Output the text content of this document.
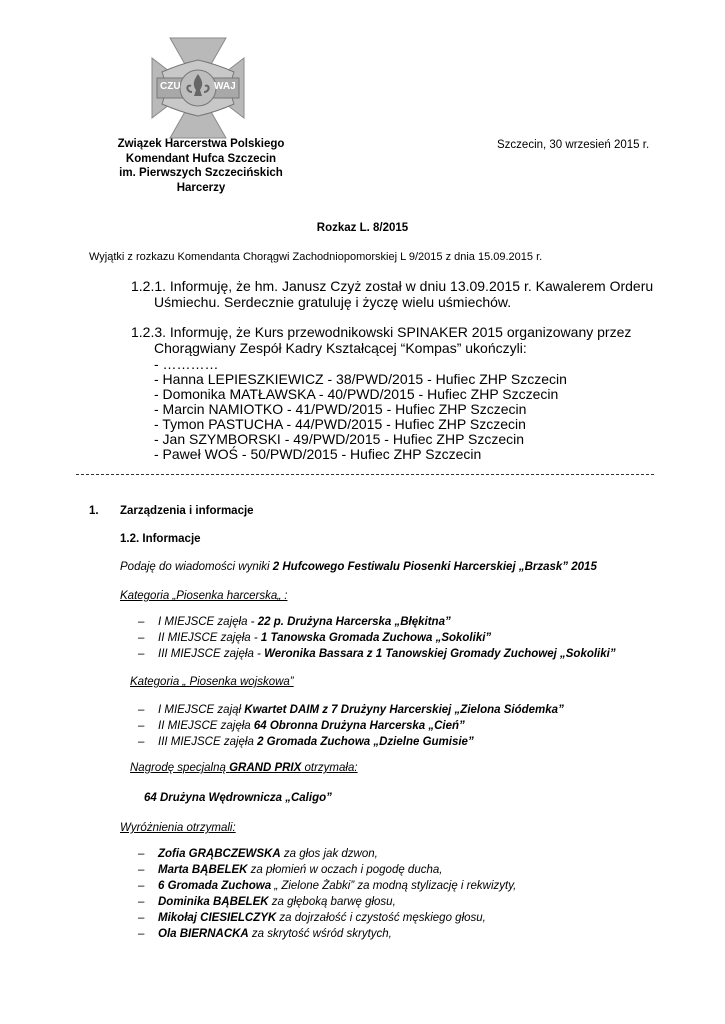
CZU	WAJ
Związek Harcerstwa Polskiego
Komendant Hufca Szczecin
im. Pierwszych Szczecińskich
Harcerzy
Szczecin, 30 wrzesień 2015 r.
Rozkaz L. 8/2015
Wyjątki z rozkazu Komendanta Chorągwi Zachodniopomorskiej L 9/2015 z dnia 15.09.2015 r.
1.2.1. Informuję, że hm. Janusz Czyż został w dniu 13.09.2015 r. Kawalerem Orderu
Uśmiechu. Serdecznie gratuluję i życzę wielu uśmiechów.
1.2.3. Informuję, że Kurs przewodnikowski SPINAKER 2015 organizowany przez
Chorągwiany Zespół Kadry Kształcącej “Kompas” ukończyli:
- …………
- Hanna LEPIESZKIEWICZ - 38/PWD/2015 - Hufiec ZHP Szczecin
- Domonika MATŁAWSKA - 40/PWD/2015 - Hufiec ZHP Szczecin
- Marcin NAMIOTKO - 41/PWD/2015 - Hufiec ZHP Szczecin
- Tymon PASTUCHA - 44/PWD/2015 - Hufiec ZHP Szczecin
- Jan SZYMBORSKI - 49/PWD/2015 - Hufiec ZHP Szczecin
- Paweł WOŚ - 50/PWD/2015 - Hufiec ZHP Szczecin
1. Zarządzenia i informacje
1.2. Informacje
Podaję do wiadomości wyniki 2 Hufcowego Festiwalu Piosenki Harcerskiej „Brzask” 2015
Kategoria „Piosenka harcerska„ :
– I MIEJSCE zajęła - 22 p. Drużyna Harcerska „Błękitna”
– II MIEJSCE zajęła - 1 Tanowska Gromada Zuchowa „Sokoliki”
– III MIEJSCE zajęła - Weronika Bassara z 1 Tanowskiej Gromady Zuchowej „Sokoliki”
Kategoria „ Piosenka wojskowa”
– I MIEJSCE zajął Kwartet DAIM z 7 Drużyny Harcerskiej „Zielona Siódemka”
– II MIEJSCE zajęła 64 Obronna Drużyna Harcerska „Cień”
– III MIEJSCE zajęła 2 Gromada Zuchowa „Dzielne Gumisie”
Nagrodę specjalną GRAND PRIX otrzymała:
64 Drużyna Wędrownicza „Caligo”
Wyróżnienia otrzymali:
– Zofia GRĄBCZEWSKA za głos jak dzwon,
– Marta BĄBELEK za płomień w oczach i pogodę ducha,
– 6 Gromada Zuchowa „ Zielone Żabki” za modną stylizację i rekwizyty,
– Dominika BĄBELEK za głęboką barwę głosu,
– Mikołaj CIESIELCZYK za dojrzałość i czystość męskiego głosu,
– Ola BIERNACKA za skrytość wśród skrytych,
